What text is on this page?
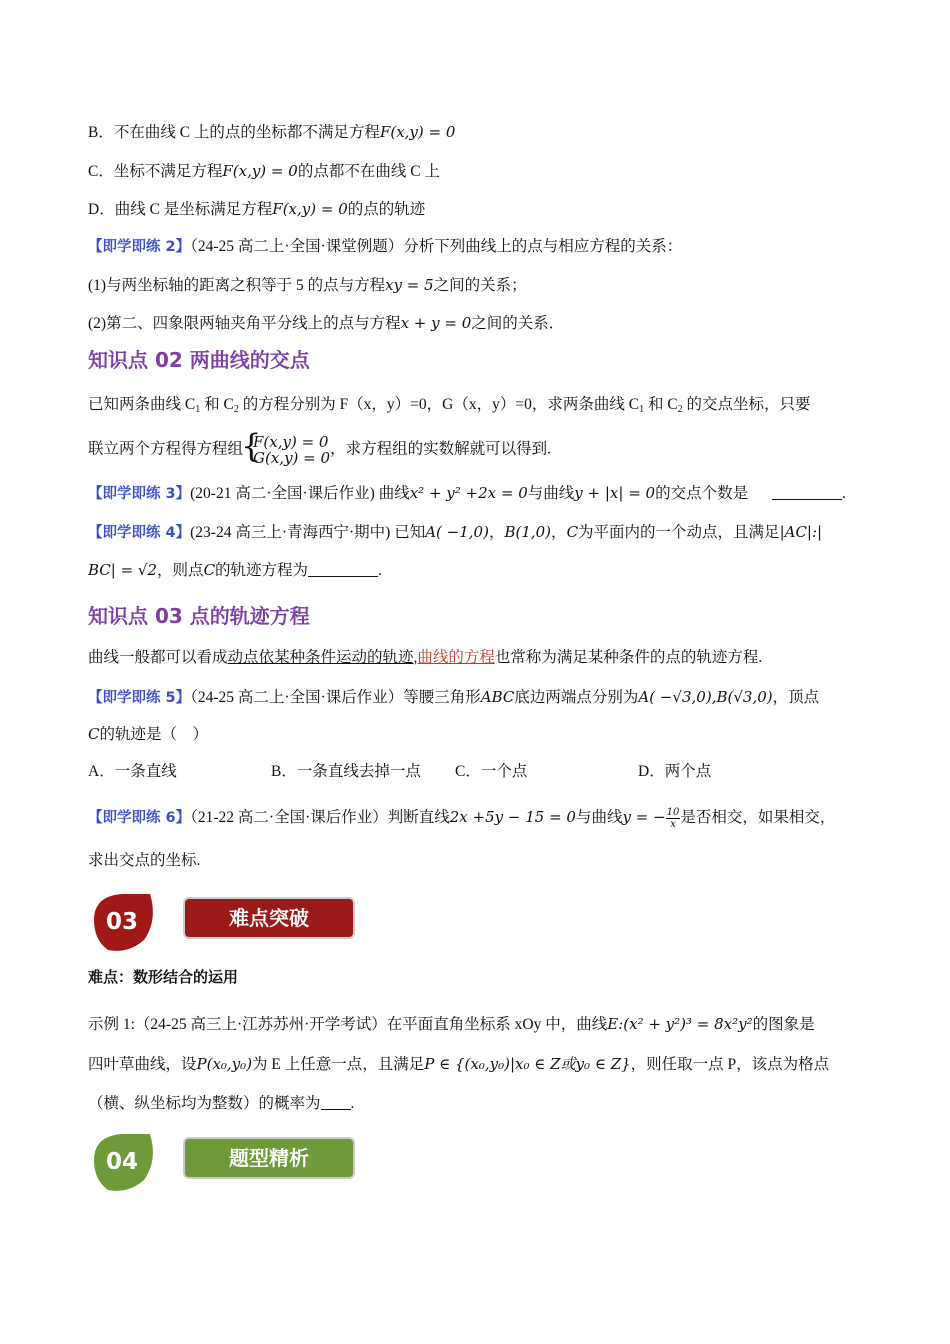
B．不在曲线 C 上的点的坐标都不满足方程F(x,y) = 0
C．坐标不满足方程F(x,y) = 0的点都不在曲线 C 上
D．曲线 C 是坐标满足方程F(x,y) = 0的点的轨迹
【即学即练 2】（24-25 高二上·全国·课堂例题）分析下列曲线上的点与相应方程的关系：
(1)与两坐标轴的距离之积等于 5 的点与方程xy = 5之间的关系；
(2)第二、四象限两轴夹角平分线上的点与方程x + y = 0之间的关系．
知识点 02 两曲线的交点
已知两条曲线 $C_1$ 和 $C_2$ 的方程分别为 F（x，y）=0，G（x，y）=0，求两条曲线 $C_1$ 和 $C_2$ 的交点坐标，只要
联立两个方程得方程组
{ F(x,y) = 0
G(x,y) = 0 ，求方程组的实数解就可以得到.
【即学即练 3】(20-21 高二·全国·课后作业) 曲线x² + y² +2x = 0与曲线y + |x| = 0的交点个数是	.
【即学即练 4】(23-24 高三上·青海西宁·期中) 已知A( −1,0)，B(1,0)，C为平面内的一个动点，且满足|AC|:|
BC| = √2，则点C的轨迹方程为	.
知识点 03 点的轨迹方程
曲线一般都可以看成动点依某种条件运动的轨迹,曲线的方程也常称为满足某种条件的点的轨迹方程.
【即学即练 5】（24-25 高二上·全国·课后作业）等腰三角形ABC底边两端点分别为A( −√3,0),B(√3,0)，顶点
C的轨迹是（　）
A．一条直线	B．一条直线去掉一点 C．一个点	D．两个点
【即学即练 6】（21-22 高二·全国·课后作业）判断直线2x +5y − 15 = 0与曲线y = − $\frac{10}{x}$ 是否相交，如果相交，
求出交点的坐标.
03	难点突破
难点：数形结合的运用
示例 1:（24-25 高三上·江苏苏州·开学考试）在平面直角坐标系 xOy 中，曲线E:(x² + y²)³ = 8x²y²的图象是
四叶草曲线，设P(x₀,y₀)为 E 上任意一点，且满足P ∈ {(x₀,y₀)|x₀ ∈ Z或y₀ ∈ Z}，则任取一点 P，该点为格点
（横、纵坐标均为整数）的概率为 .
04	题型精析
